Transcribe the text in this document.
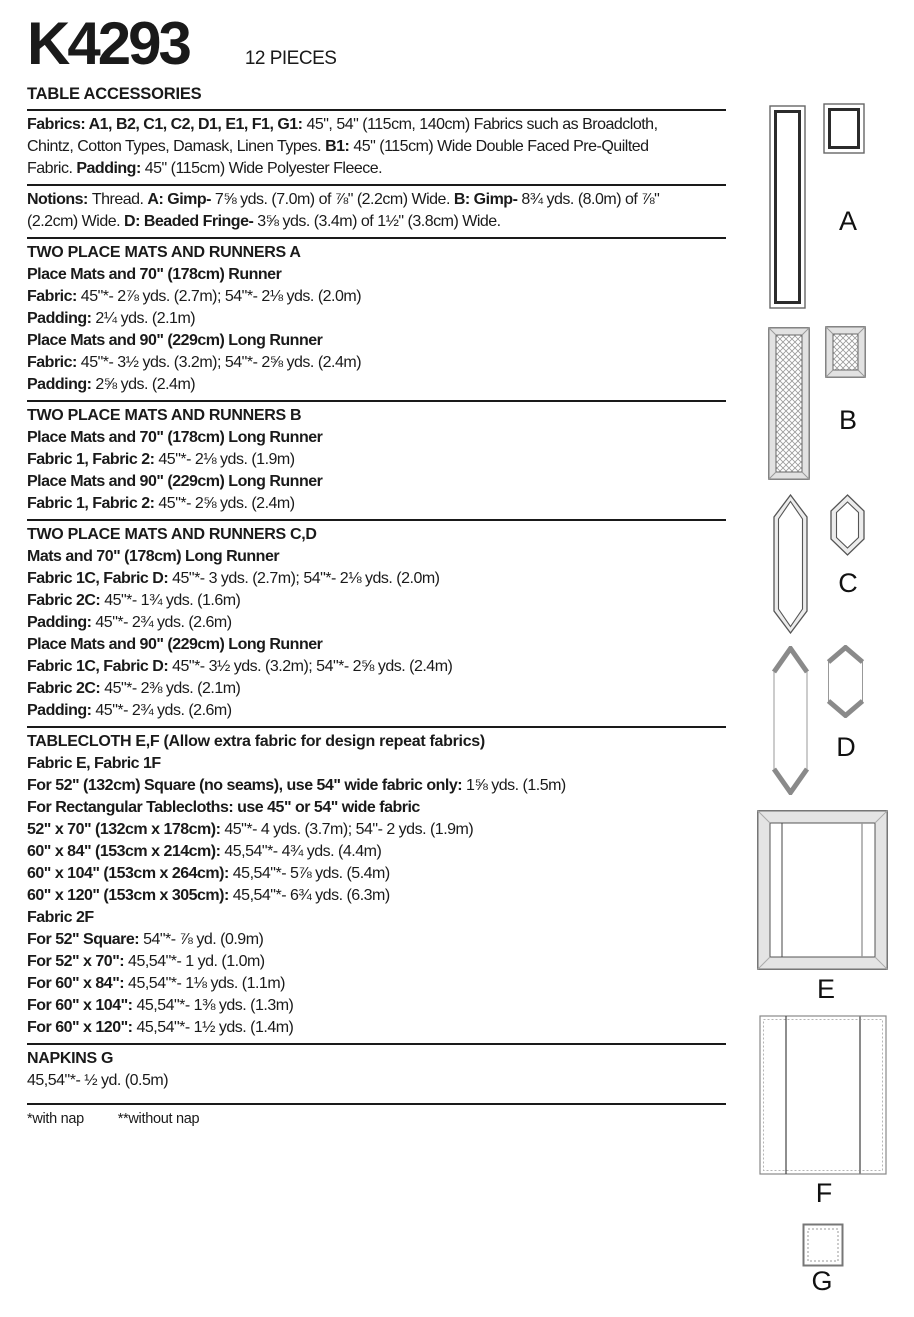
K4293	12 PIECES
TABLE ACCESSORIES
Fabrics: A1, B2, C1, C2, D1, E1, F1, G1: 45", 54" (115cm, 140cm) Fabrics such as Broadcloth,
Chintz, Cotton Types, Damask, Linen Types. B1: 45" (115cm) Wide Double Faced Pre-Quilted
Fabric. Padding: 45" (115cm) Wide Polyester Fleece.
Notions: Thread. A: Gimp- 7⅝ yds. (7.0m) of ⅞" (2.2cm) Wide. B: Gimp- 8¾ yds. (8.0m) of ⅞"
(2.2cm) Wide. D: Beaded Fringe- 3⅝ yds. (3.4m) of 1½" (3.8cm) Wide.
TWO PLACE MATS AND RUNNERS A
Place Mats and 70" (178cm) Runner
Fabric: 45"*- 2⅞ yds. (2.7m); 54"*- 2⅛ yds. (2.0m)
Padding: 2¼ yds. (2.1m)
Place Mats and 90" (229cm) Long Runner
Fabric: 45"*- 3½ yds. (3.2m); 54"*- 2⅝ yds. (2.4m)
Padding: 2⅝ yds. (2.4m)
TWO PLACE MATS AND RUNNERS B
Place Mats and 70" (178cm) Long Runner
Fabric 1, Fabric 2: 45"*- 2⅛ yds. (1.9m)
Place Mats and 90" (229cm) Long Runner
Fabric 1, Fabric 2: 45"*- 2⅝ yds. (2.4m)
TWO PLACE MATS AND RUNNERS C,D
Mats and 70" (178cm) Long Runner
Fabric 1C, Fabric D: 45"*- 3 yds. (2.7m); 54"*- 2⅛ yds. (2.0m)
Fabric 2C: 45"*- 1¾ yds. (1.6m)
Padding: 45"*- 2¾ yds. (2.6m)
Place Mats and 90" (229cm) Long Runner
Fabric 1C, Fabric D: 45"*- 3½ yds. (3.2m); 54"*- 2⅝ yds. (2.4m)
Fabric 2C: 45"*- 2⅜ yds. (2.1m)
Padding: 45"*- 2¾ yds. (2.6m)
TABLECLOTH E,F (Allow extra fabric for design repeat fabrics)
Fabric E, Fabric 1F
For 52" (132cm) Square (no seams), use 54" wide fabric only: 1⅝ yds. (1.5m)
For Rectangular Tablecloths: use 45" or 54" wide fabric
52" x 70" (132cm x 178cm): 45"*- 4 yds. (3.7m); 54"- 2 yds. (1.9m)
60" x 84" (153cm x 214cm): 45,54"*- 4¾ yds. (4.4m)
60" x 104" (153cm x 264cm): 45,54"*- 5⅞ yds. (5.4m)
60" x 120" (153cm x 305cm): 45,54"*- 6¾ yds. (6.3m)
Fabric 2F
For 52" Square: 54"*- ⅞ yd. (0.9m)
For 52" x 70": 45,54"*- 1 yd. (1.0m)
For 60" x 84": 45,54"*- 1⅛ yds. (1.1m)
For 60" x 104": 45,54"*- 1⅜ yds. (1.3m)
For 60" x 120": 45,54"*- 1½ yds. (1.4m)
NAPKINS G
45,54"*- ½ yd. (0.5m)
*with nap **without nap
A
B
C
D
E
F
G
